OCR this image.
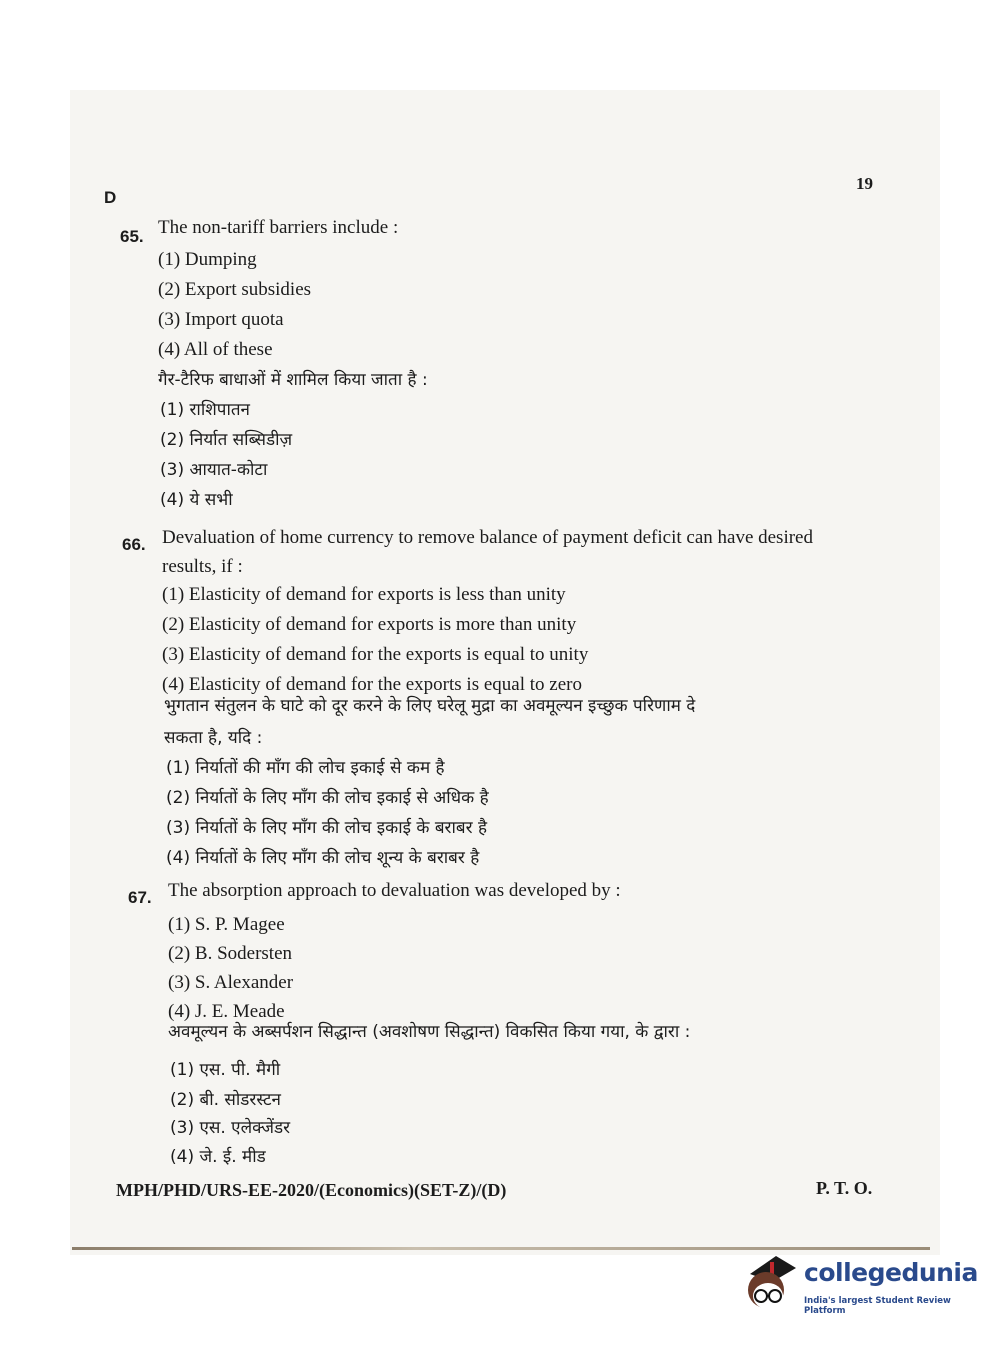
D
19
65. The non-tariff barriers include :
(1) Dumping
(2) Export subsidies
(3) Import quota
(4) All of these
गैर-टैरिफ बाधाओं में शामिल किया जाता है :
(1) राशिपातन
(2) निर्यात सब्सिडीज़
(3) आयात-कोटा
(4) ये सभी
66. Devaluation of home currency to remove balance of payment deficit can have desired
results, if :
(1) Elasticity of demand for exports is less than unity
(2) Elasticity of demand for exports is more than unity
(3) Elasticity of demand for the exports is equal to unity
(4) Elasticity of demand for the exports is equal to zero
भुगतान संतुलन के घाटे को दूर करने के लिए घरेलू मुद्रा का अवमूल्यन इच्छुक परिणाम दे
सकता है, यदि :
(1) निर्यातों की माँग की लोच इकाई से कम है
(2) निर्यातों के लिए माँग की लोच इकाई से अधिक है
(3) निर्यातों के लिए माँग की लोच इकाई के बराबर है
(4) निर्यातों के लिए माँग की लोच शून्य के बराबर है
67. The absorption approach to devaluation was developed by :
(1) S. P. Magee
(2) B. Sodersten
(3) S. Alexander
(4) J. E. Meade
अवमूल्यन के अब्सर्पशन सिद्धान्त (अवशोषण सिद्धान्त) विकसित किया गया, के द्वारा :
(1) एस. पी. मैगी
(2) बी. सोडरस्टन
(3) एस. एलेक्जेंडर
(4) जे. ई. मीड
MPH/PHD/URS-EE-2020/(Economics)(SET-Z)/(D)	P. T. O.
collegedunia
India's largest Student Review Platform
